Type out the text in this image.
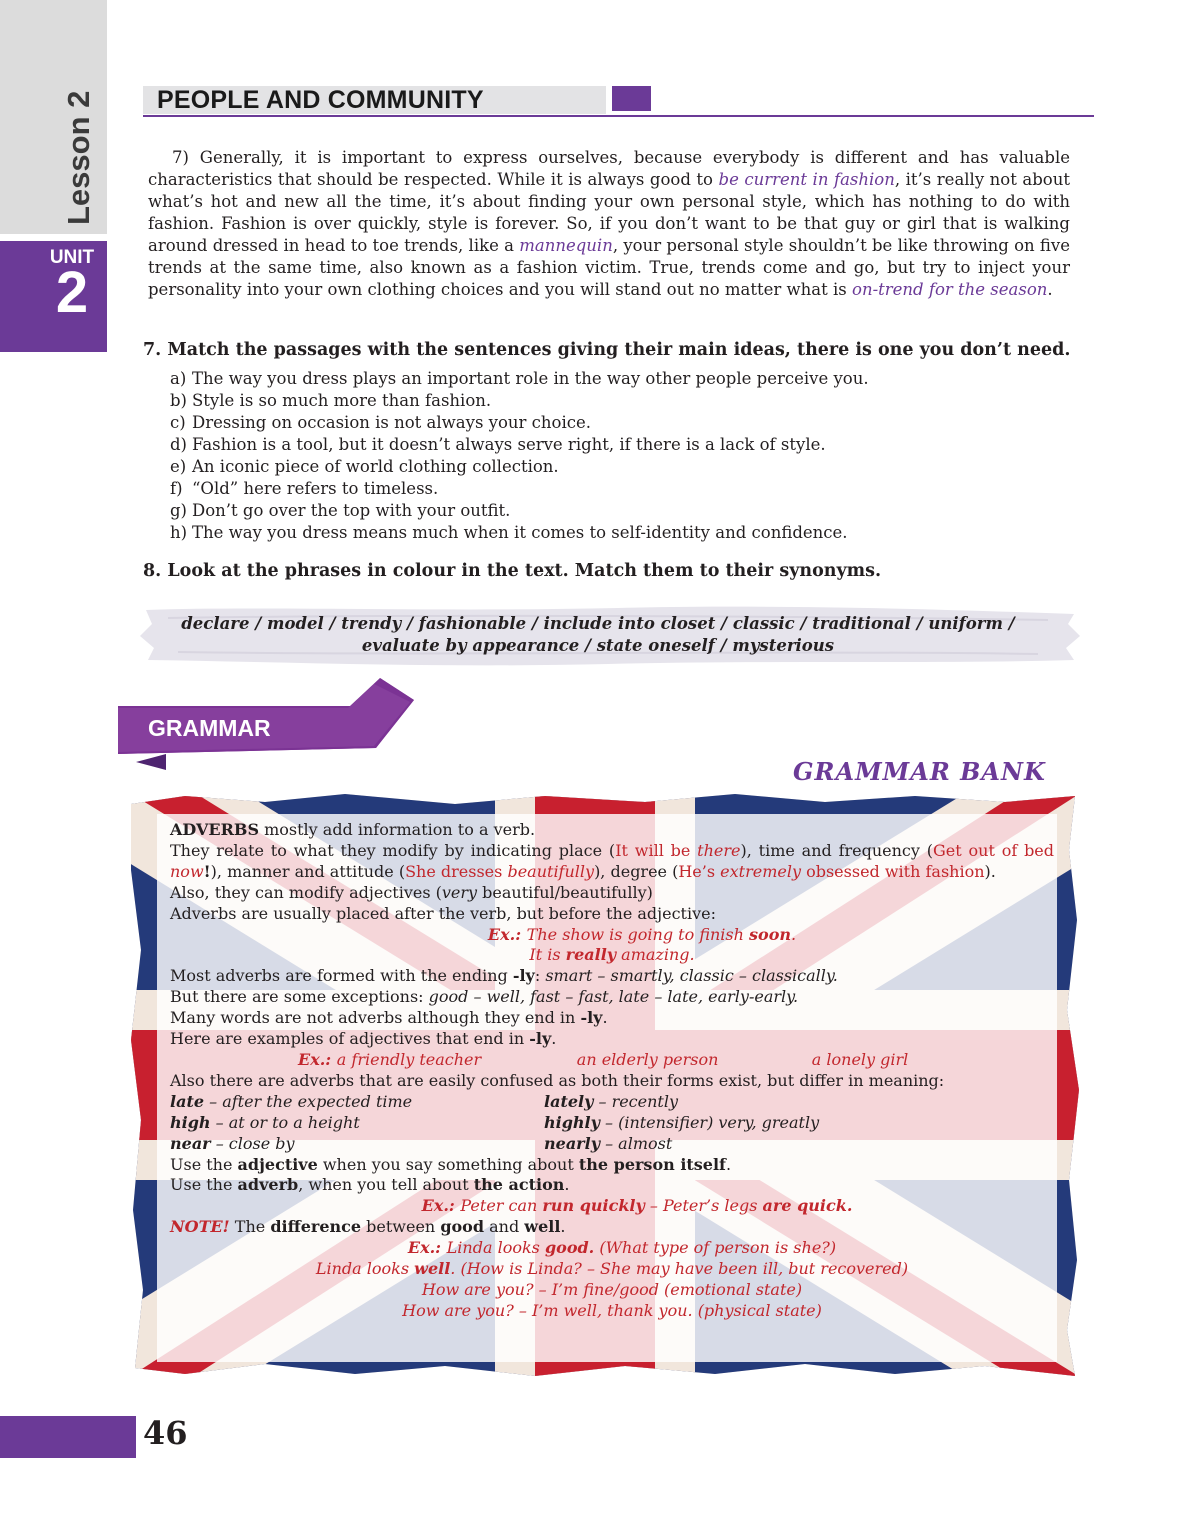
Lesson 2
UNIT
2
PEOPLE AND COMMUNITY
7) Generally, it is important to express ourselves, because everybody is different and has valuable characteristics that should be respected. While it is always good to be current in fashion, it’s really not about what’s hot and new all the time, it’s about finding your own personal style, which has nothing to do with fashion. Fashion is over quickly, style is forever. So, if you don’t want to be that guy or girl that is walking around dressed in head to toe trends, like a mannequin, your personal style shouldn’t be like throwing on five trends at the same time, also known as a fashion victim. True, trends come and go, but try to inject your personality into your own clothing choices and you will stand out no matter what is on-trend for the season.
7. Match the passages with the sentences giving their main ideas, there is one you don’t need.
a) The way you dress plays an important role in the way other people perceive you.
b) Style is so much more than fashion.
c) Dressing on occasion is not always your choice.
d) Fashion is a tool, but it doesn’t always serve right, if there is a lack of style.
e) An iconic piece of world clothing collection.
f) “Old” here refers to timeless.
g) Don’t go over the top with your outfit.
h) The way you dress means much when it comes to self-identity and confidence.
8. Look at the phrases in colour in the text. Match them to their synonyms.
declare / model / trendy / fashionable / include into closet / classic / traditional / uniform /
evaluate by appearance / state oneself / mysterious
GRAMMAR
GRAMMAR BANK

ADVERBS mostly add information to a verb.

They relate to what they modify by indicating place (It will be there), time and frequency (Get out of bed now!), manner and attitude (She dresses beautifully), degree (He’s extremely obsessed with fashion).

Also, they can modify adjectives (very beautiful/beautifully)

Adverbs are usually placed after the verb, but before the adjective:

Ex.: The show is going to finish soon.

It is really amazing.

Most adverbs are formed with the ending -ly: smart – smartly, classic – classically.

But there are some exceptions: good – well, fast – fast, late – late, early-early.

Many words are not adverbs although they end in -ly.

Here are examples of adjectives that end in -ly.

Ex.: a friendly teacher	an elderly person	a lonely girl

Also there are adverbs that are easily confused as both their forms exist, but differ in meaning:

late – after the expected time	lately – recently

high – at or to a height	highly – (intensifier) very, greatly

near – close by	nearly – almost

Use the adjective when you say something about the person itself.

Use the adverb, when you tell about the action.

Ex.: Peter can run quickly – Peter’s legs are quick.

NOTE! The difference between good and well.

Ex.: Linda looks good. (What type of person is she?)

Linda looks well. (How is Linda? – She may have been ill, but recovered)

How are you? – I’m fine/good (emotional state)

How are you? – I’m well, thank you. (physical state)

46
